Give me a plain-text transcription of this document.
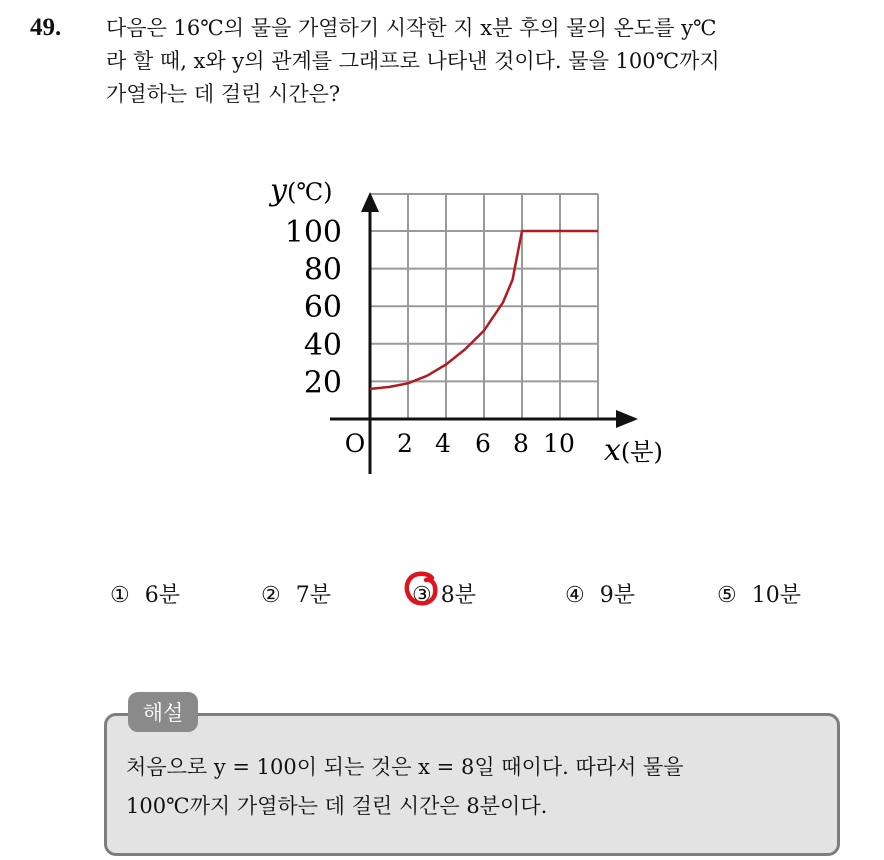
49. 다음은 16℃의 물을 가열하기 시작한 지 x분 후의 물의 온도를 y℃
라 할 때, x와 y의 관계를 그래프로 나타낸 것이다. 물을 100℃까지
가열하는 데 걸린 시간은?
20
40
60
80
100
2 4 6 8 10
O
y(℃)
x(분)
① 6분	② 7분	③ 8분	④ 9분	⑤ 10분
해설
처음으로 y = 100이 되는 것은 x = 8일 때이다. 따라서 물을
100℃까지 가열하는 데 걸린 시간은 8분이다.
